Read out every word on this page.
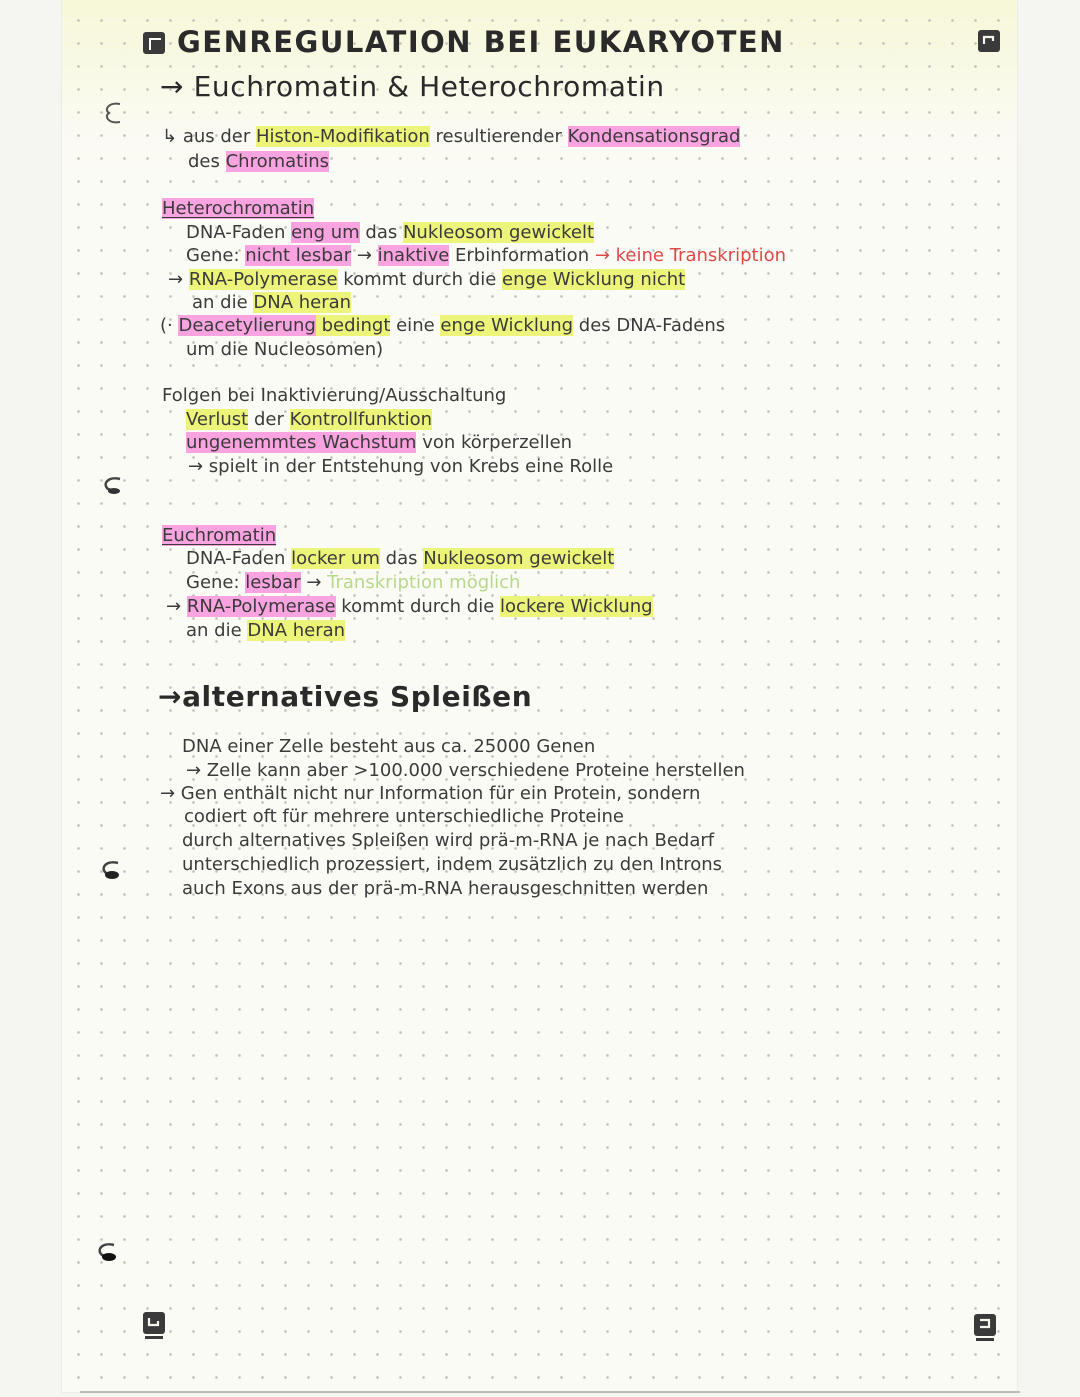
GENREGULATION BEI EUKARYOTEN
→ Euchromatin & Heterochromatin
↳ aus der Histon-Modifikation resultierender Kondensationsgrad
des Chromatins
Heterochromatin
DNA-Faden eng um das Nukleosom gewickelt
Gene: nicht lesbar → inaktive Erbinformation → keine Transkription
→ RNA-Polymerase kommt durch die enge Wicklung nicht
an die DNA heran
(· Deacetylierung bedingt eine enge Wicklung des DNA-Fadens
um die Nucleosomen)
Folgen bei Inaktivierung/Ausschaltung
Verlust der Kontrollfunktion
ungenemmtes Wachstum von körperzellen
→ spielt in der Entstehung von Krebs eine Rolle
Euchromatin
DNA-Faden locker um das Nukleosom gewickelt
Gene: lesbar → Transkription möglich
→ RNA-Polymerase kommt durch die lockere Wicklung
an die DNA heran
→alternatives Spleißen
DNA einer Zelle besteht aus ca. 25000 Genen
→ Zelle kann aber >100.000 verschiedene Proteine herstellen
→ Gen enthält nicht nur Information für ein Protein, sondern
codiert oft für mehrere unterschiedliche Proteine
durch alternatives Spleißen wird prä-m-RNA je nach Bedarf
unterschiedlich prozessiert, indem zusätzlich zu den Introns
auch Exons aus der prä-m-RNA herausgeschnitten werden
